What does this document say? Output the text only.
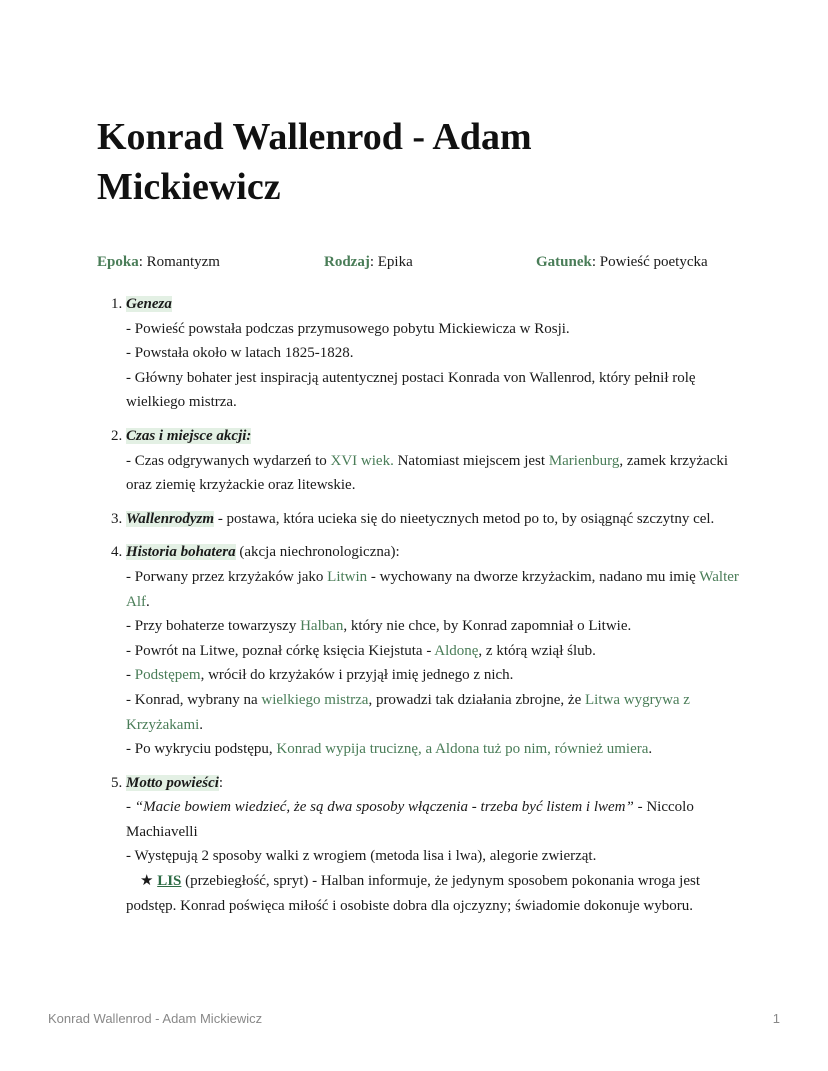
Konrad Wallenrod - Adam Mickiewicz
Epoka: Romantyzm	Rodzaj: Epika	Gatunek: Powieść poetycka
1. Geneza
- Powieść powstała podczas przymusowego pobytu Mickiewicza w Rosji.
- Powstała około w latach 1825-1828.
- Główny bohater jest inspiracją autentycznej postaci Konrada von Wallenrod, który pełnił rolę wielkiego mistrza.
2. Czas i miejsce akcji:
- Czas odgrywanych wydarzeń to XVI wiek. Natomiast miejscem jest Marienburg, zamek krzyżacki oraz ziemię krzyżackie oraz litewskie.
3. Wallenrodyzm - postawa, która ucieka się do nieetycznych metod po to, by osiągnąć szczytny cel.
4. Historia bohatera (akcja niechronologiczna):
- Porwany przez krzyżaków jako Litwin - wychowany na dworze krzyżackim, nadano mu imię Walter Alf.
- Przy bohaterze towarzyszy Halban, który nie chce, by Konrad zapomniał o Litwie.
- Powrót na Litwe, poznał córkę księcia Kiejstuta - Aldonę, z którą wziął ślub.
- Podstępem, wrócił do krzyżaków i przyjął imię jednego z nich.
- Konrad, wybrany na wielkiego mistrza, prowadzi tak działania zbrojne, że Litwa wygrywa z Krzyżakami.
- Po wykryciu podstępu, Konrad wypija truciznę, a Aldona tuż po nim, również umiera.
5. Motto powieści:
- “Macie bowiem wiedzieć, że są dwa sposoby włączenia - trzeba być listem i lwem” - Niccolo Machiavelli
- Występują 2 sposoby walki z wrogiem (metoda lisa i lwa), alegorie zwierząt.
★ LIS (przebiegłość, spryt) - Halban informuje, że jedynym sposobem pokonania wroga jest podstęp. Konrad poświęca miłość i osobiste dobra dla ojczyzny; świadomie dokonuje wyboru.
Konrad Wallenrod - Adam Mickiewicz	1
